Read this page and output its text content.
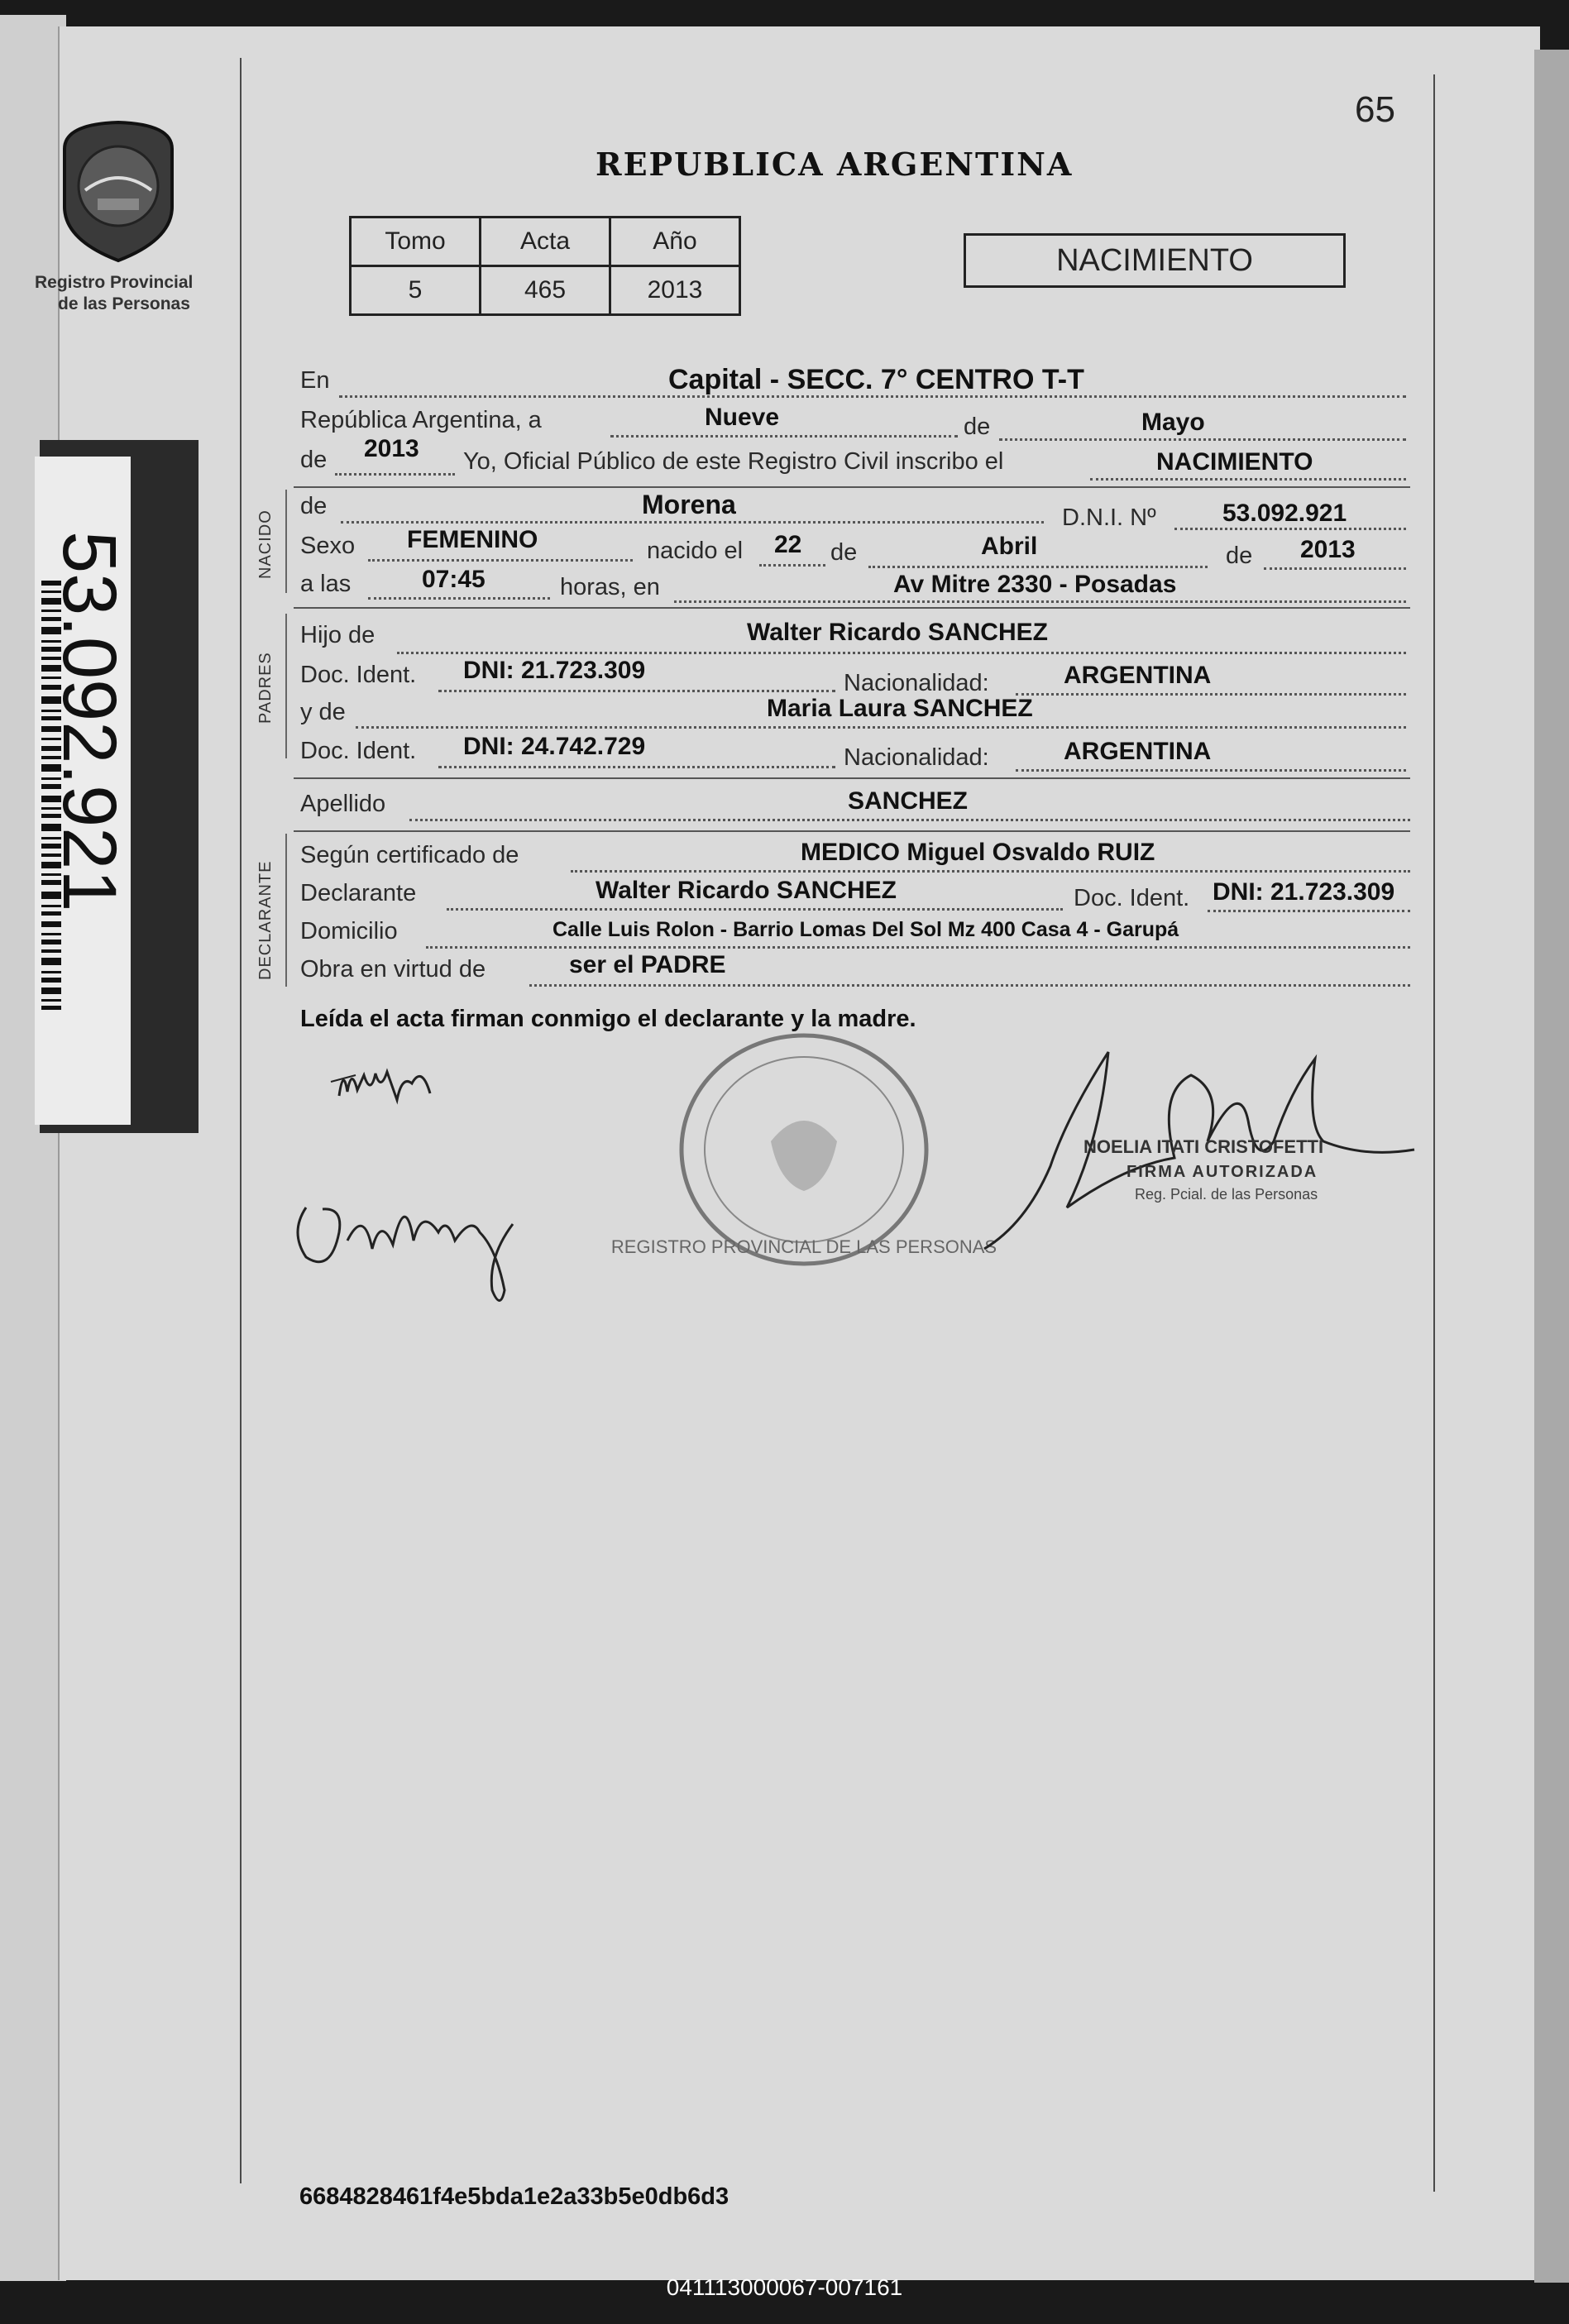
Registro Provincial
de las Personas
53.092.921
65
REPUBLICA ARGENTINA
Tomo	Acta	Año
5	465	2013
NACIMIENTO
NACIDO
PADRES
DECLARANTE
En	Capital - SECC. 7° CENTRO T-T
República Argentina, a	Nueve	de	Mayo
de 2013 Yo, Oficial Público de este Registro Civil inscribo el	NACIMIENTO
de	Morena	D.N.I. Nº	53.092.921
Sexo FEMENINO	nacido el 22 de	Abril	de 2013
a las	07:45	horas, en	Av Mitre 2330 - Posadas
Hijo de	Walter Ricardo SANCHEZ
Doc. Ident. DNI: 21.723.309	Nacionalidad:	ARGENTINA
y de	Maria Laura SANCHEZ
Doc. Ident. DNI: 24.742.729	Nacionalidad:	ARGENTINA
Apellido	SANCHEZ
Según certificado de	MEDICO Miguel Osvaldo RUIZ
Declarante	Walter Ricardo SANCHEZ	Doc. Ident. DNI: 21.723.309
Domicilio	Calle Luis Rolon - Barrio Lomas Del Sol Mz 400 Casa 4 - Garupá
Obra en virtud de	ser el PADRE
Leída el acta firman conmigo el declarante y la madre.
REGISTRO PROVINCIAL DE LAS PERSONAS
NOELIA ITATI CRISTOFETTI
FIRMA AUTORIZADA
Reg. Pcial. de las Personas
6684828461f4e5bda1e2a33b5e0db6d3
041113000067-007161
